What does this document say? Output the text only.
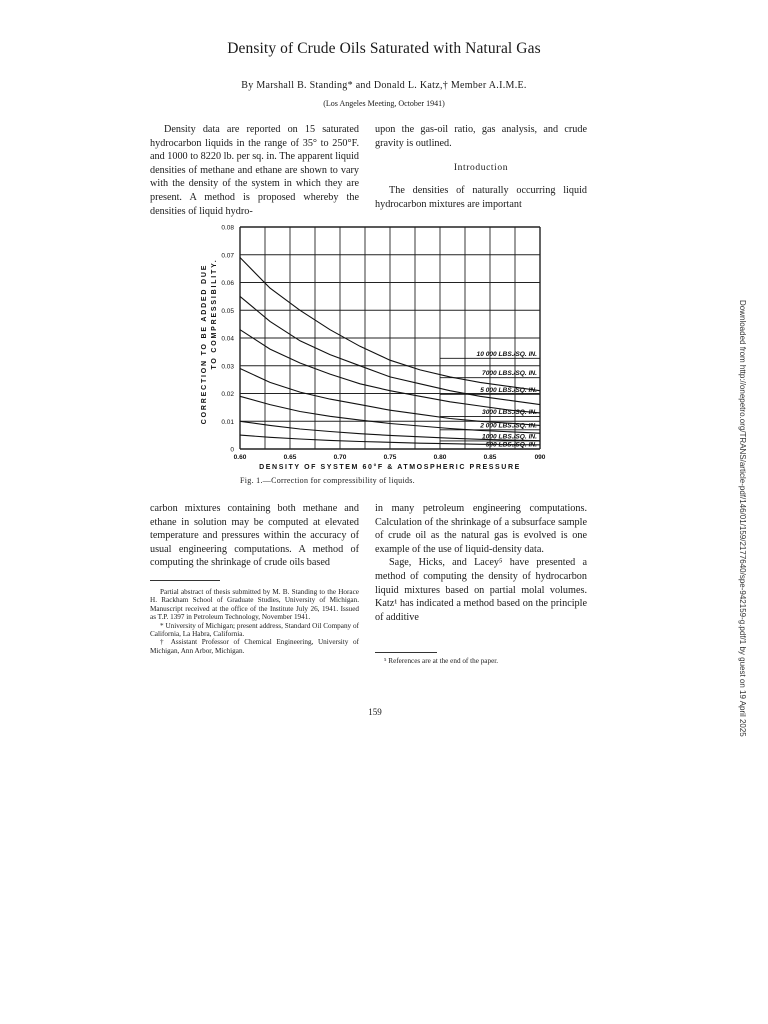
Density of Crude Oils Saturated with Natural Gas
By Marshall B. Standing* and Donald L. Katz,† Member A.I.M.E.
(Los Angeles Meeting, October 1941)

Density data are reported on 15 saturated hydrocarbon liquids in the range of 35° to 250°F. and 1000 to 8220 lb. per sq. in. The apparent liquid densities of methane and ethane are shown to vary with the density of the system in which they are present. A method is proposed whereby the densities of liquid hydro-

upon the gas-oil ratio, gas analysis, and crude gravity is outlined.

Introduction

The densities of naturally occurring liquid hydrocarbon mixtures are important

0
0.01
0.02
0.03
0.04
0.05
0.06
0.07
0.08
0.60	0.65	0.70	0.75	0.80	0.85	090
DENSITY OF SYSTEM 60°F & ATMOSPHERIC PRESSURE
CORRECTION TO BE ADDED DUE TO COMPRESSIBILITY.	10 000 LBS./SQ. IN.
7000 LBS./SQ. IN.
5 000 LBS./SQ. IN.
3000 LBS./SQ. IN.
2 000 LBS./SQ. IN.
1000 LBS./SQ. IN.
500 LBS./SQ. IN.
Fig. 1.—Correction for compressibility of liquids.

carbon mixtures containing both methane and ethane in solution may be computed at elevated temperature and pressures within the accuracy of usual engineering computations. A method of computing the shrinkage of crude oils based

Partial abstract of thesis submitted by M. B. Standing to the Horace H. Rackham School of Graduate Studies, University of Michigan. Manuscript received at the office of the Institute July 26, 1941. Issued as T.P. 1397 in Petroleum Technology, November 1941.

* University of Michigan; present address, Standard Oil Company of California, La Habra, California.

† Assistant Professor of Chemical Engineering, University of Michigan, Ann Arbor, Michigan.

in many petroleum engineering computations. Calculation of the shrinkage of a subsurface sample of crude oil as the natural gas is evolved is one example of the use of liquid-density data.

Sage, Hicks, and Lacey⁵ have presented a method of computing the density of hydrocarbon liquid mixtures based on partial molal volumes. Katz¹ has indicated a method based on the principle of additive

⁵ References are at the end of the paper.
159	Downloaded from http://onepetro.org/TRANS/article-pdf/146/01/159/2177640/spe-942159-g.pdf/1 by guest on 19 April 2025
